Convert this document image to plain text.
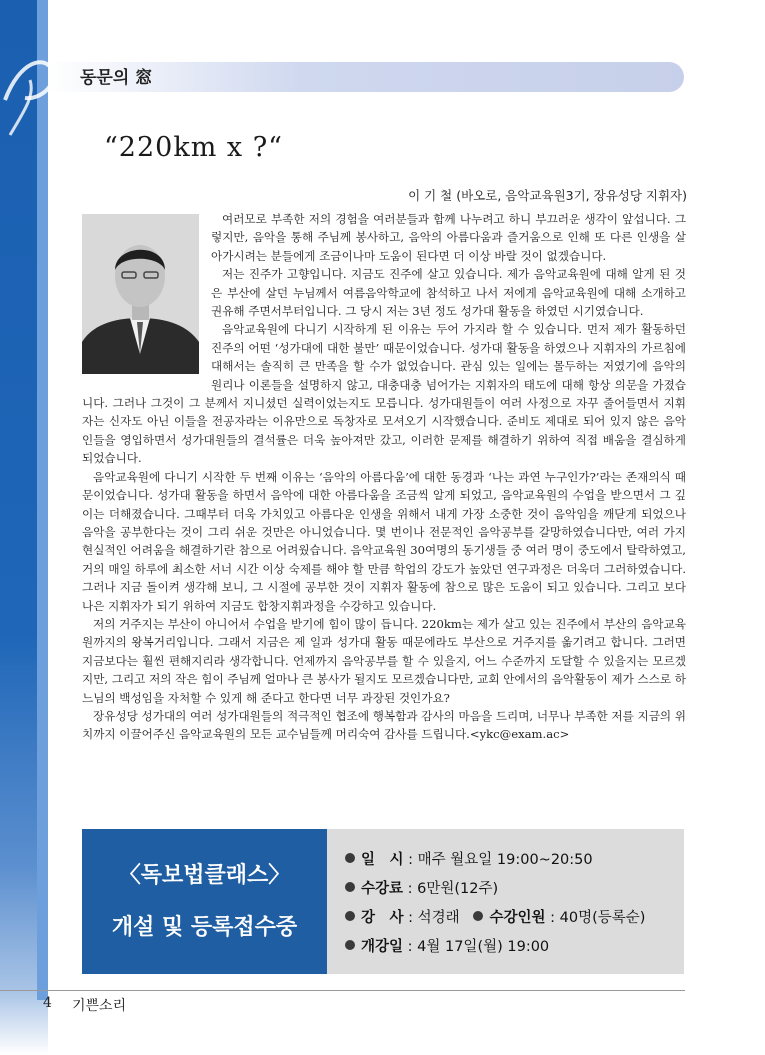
동문의 窓
“220km x ?“
이 기 철 (바오로, 음악교육원3기, 장유성당 지휘자)

여러모로 부족한 저의 경험을 여러분들과 함께 나누려고 하니 부끄러운 생각이 앞섭니다. 그렇지만, 음악을 통해 주님께 봉사하고, 음악의 아름다움과 즐거움으로 인해 또 다른 인생을 살아가시려는 분들에게 조금이나마 도움이 된다면 더 이상 바랄 것이 없겠습니다.

저는 진주가 고향입니다. 지금도 진주에 살고 있습니다. 제가 음악교육원에 대해 알게 된 것은 부산에 살던 누님께서 여름음악학교에 참석하고 나서 저에게 음악교육원에 대해 소개하고 권유해 주면서부터입니다. 그 당시 저는 3년 정도 성가대 활동을 하였던 시기였습니다.

음악교육원에 다니기 시작하게 된 이유는 두어 가지라 할 수 있습니다. 먼저 제가 활동하던 진주의 어떤 ‘성가대에 대한 불만’ 때문이었습니다. 성가대 활동을 하였으나 지휘자의 가르침에 대해서는 솔직히 큰 만족을 할 수가 없었습니다. 관심 있는 일에는 몰두하는 저였기에 음악의 원리나 이론들을 설명하지 않고, 대충대충 넘어가는 지휘자의 태도에 대해 항상 의문을 가졌습니다. 그러나 그것이 그 분께서 지니셨던 실력이었는지도 모릅니다. 성가대원들이 여러 사정으로 자꾸 줄어들면서 지휘자는 신자도 아닌 이들을 전공자라는 이유만으로 독창자로 모셔오기 시작했습니다. 준비도 제대로 되어 있지 않은 음악인들을 영입하면서 성가대원들의 결석률은 더욱 높아져만 갔고, 이러한 문제를 해결하기 위하여 직접 배움을 결심하게 되었습니다.

음악교육원에 다니기 시작한 두 번째 이유는 ‘음악의 아름다움’에 대한 동경과 ‘나는 과연 누구인가?’라는 존재의식 때문이었습니다. 성가대 활동을 하면서 음악에 대한 아름다움을 조금씩 알게 되었고, 음악교육원의 수업을 받으면서 그 깊이는 더해졌습니다. 그때부터 더욱 가치있고 아름다운 인생을 위해서 내게 가장 소중한 것이 음악임을 깨닫게 되었으나 음악을 공부한다는 것이 그리 쉬운 것만은 아니었습니다. 몇 번이나 전문적인 음악공부를 갈망하였습니다만, 여러 가지 현실적인 어려움을 해결하기란 참으로 어려웠습니다. 음악교육원 30여명의 동기생들 중 여러 명이 중도에서 탈락하였고, 거의 매일 하루에 최소한 서너 시간 이상 숙제를 해야 할 만큼 학업의 강도가 높았던 연구과정은 더욱더 그러하였습니다. 그러나 지금 돌이켜 생각해 보니, 그 시절에 공부한 것이 지휘자 활동에 참으로 많은 도움이 되고 있습니다. 그리고 보다 나은 지휘자가 되기 위하여 지금도 합창지휘과정을 수강하고 있습니다.

저의 거주지는 부산이 아니어서 수업을 받기에 힘이 많이 듭니다. 220km는 제가 살고 있는 진주에서 부산의 음악교육원까지의 왕복거리입니다. 그래서 지금은 제 일과 성가대 활동 때문에라도 부산으로 거주지를 옮기려고 합니다. 그러면 지금보다는 훨씬 편해지리라 생각합니다. 언제까지 음악공부를 할 수 있을지, 어느 수준까지 도달할 수 있을지는 모르겠지만, 그리고 저의 작은 힘이 주님께 얼마나 큰 봉사가 될지도 모르겠습니다만, 교회 안에서의 음악활동이 제가 스스로 하느님의 백성임을 자처할 수 있게 해 준다고 한다면 너무 과장된 것인가요?

장유성당 성가대의 여러 성가대원들의 적극적인 협조에 행복함과 감사의 마음을 드리며, 너무나 부족한 저를 지금의 위치까지 이끌어주신 음악교육원의 모든 교수님들께 머리숙여 감사를 드립니다.<ykc@exam.ac>

〈독보법클래스〉
개설 및 등록접수중
일　시 : 매주 월요일 19:00~20:50
수강료 : 6만원(12주)
강　사 : 석경래 수강인원 : 40명(등록순)
개강일 : 4월 17일(월) 19:00
4 기쁜소리
